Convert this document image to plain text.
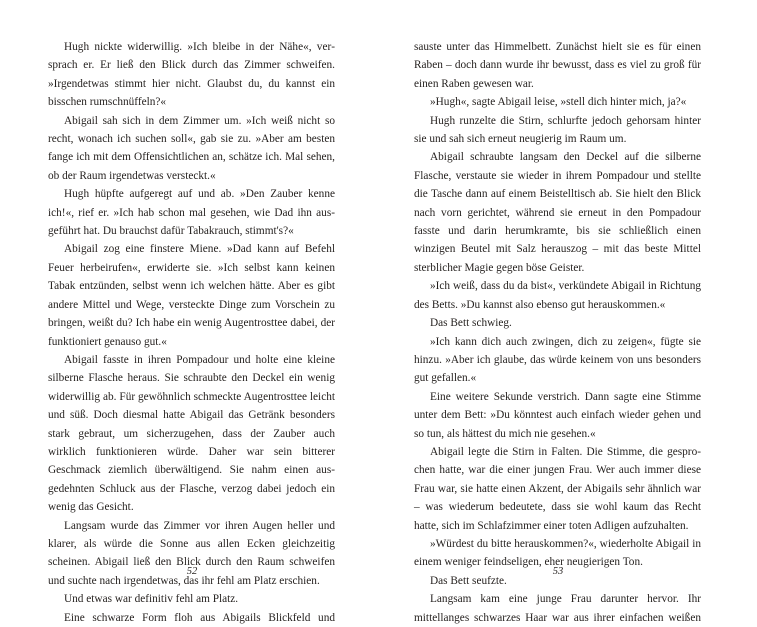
Hugh nickte widerwillig. »Ich bleibe in der Nähe«, versprach er. Er ließ den Blick durch das Zimmer schweifen. »Irgendetwas stimmt hier nicht. Glaubst du, du kannst ein bisschen rumschnüffeln?«

Abigail sah sich in dem Zimmer um. »Ich weiß nicht so recht, wonach ich suchen soll«, gab sie zu. »Aber am besten fange ich mit dem Offensichtlichen an, schätze ich. Mal sehen, ob der Raum irgendetwas versteckt.«

Hugh hüpfte aufgeregt auf und ab. »Den Zauber kenne ich!«, rief er. »Ich hab schon mal gesehen, wie Dad ihn ausgeführt hat. Du brauchst dafür Tabakrauch, stimmt's?«

Abigail zog eine finstere Miene. »Dad kann auf Befehl Feuer herbeirufen«, erwiderte sie. »Ich selbst kann keinen Tabak entzünden, selbst wenn ich welchen hätte. Aber es gibt andere Mittel und Wege, versteckte Dinge zum Vorschein zu bringen, weißt du? Ich habe ein wenig Augentrosttee dabei, der funktioniert genauso gut.«

Abigail fasste in ihren Pompadour und holte eine kleine silberne Flasche heraus. Sie schraubte den Deckel ein wenig widerwillig ab. Für gewöhnlich schmeckte Augentrosttee leicht und süß. Doch diesmal hatte Abigail das Getränk besonders stark gebraut, um sicherzugehen, dass der Zauber auch wirklich funktionieren würde. Daher war sein bitterer Geschmack ziemlich überwältigend. Sie nahm einen ausgedehnten Schluck aus der Flasche, verzog dabei jedoch ein wenig das Gesicht.

Langsam wurde das Zimmer vor ihren Augen heller und klarer, als würde die Sonne aus allen Ecken gleichzeitig scheinen. Abigail ließ den Blick durch den Raum schweifen und suchte nach irgendetwas, das ihr fehl am Platz erschien.

Und etwas war definitiv fehl am Platz.

Eine schwarze Form floh aus Abigails Blickfeld und

sauste unter das Himmelbett. Zunächst hielt sie es für einen Raben – doch dann wurde ihr bewusst, dass es viel zu groß für einen Raben gewesen war.

»Hugh«, sagte Abigail leise, »stell dich hinter mich, ja?«

Hugh runzelte die Stirn, schlurfte jedoch gehorsam hinter sie und sah sich erneut neugierig im Raum um.

Abigail schraubte langsam den Deckel auf die silberne Flasche, verstaute sie wieder in ihrem Pompadour und stellte die Tasche dann auf einem Beistelltisch ab. Sie hielt den Blick nach vorn gerichtet, während sie erneut in den Pompadour fasste und darin herumkramte, bis sie schließlich einen winzigen Beutel mit Salz herauszog – mit das beste Mittel sterblicher Magie gegen böse Geister.

»Ich weiß, dass du da bist«, verkündete Abigail in Richtung des Betts. »Du kannst also ebenso gut herauskommen.«

Das Bett schwieg.

»Ich kann dich auch zwingen, dich zu zeigen«, fügte sie hinzu. »Aber ich glaube, das würde keinem von uns besonders gut gefallen.«

Eine weitere Sekunde verstrich. Dann sagte eine Stimme unter dem Bett: »Du könntest auch einfach wieder gehen und so tun, als hättest du mich nie gesehen.«

Abigail legte die Stirn in Falten. Die Stimme, die gesprochen hatte, war die einer jungen Frau. Wer auch immer diese Frau war, sie hatte einen Akzent, der Abigails sehr ähnlich war – was wiederum bedeutete, dass sie wohl kaum das Recht hatte, sich im Schlafzimmer einer toten Adligen aufzuhalten.

»Würdest du bitte herauskommen?«, wiederholte Abigail in einem weniger feindseligen, eher neugierigen Ton.

Das Bett seufzte.

Langsam kam eine junge Frau darunter hervor. Ihr mittellanges schwarzes Haar war aus ihrer einfachen weißen

52	53
